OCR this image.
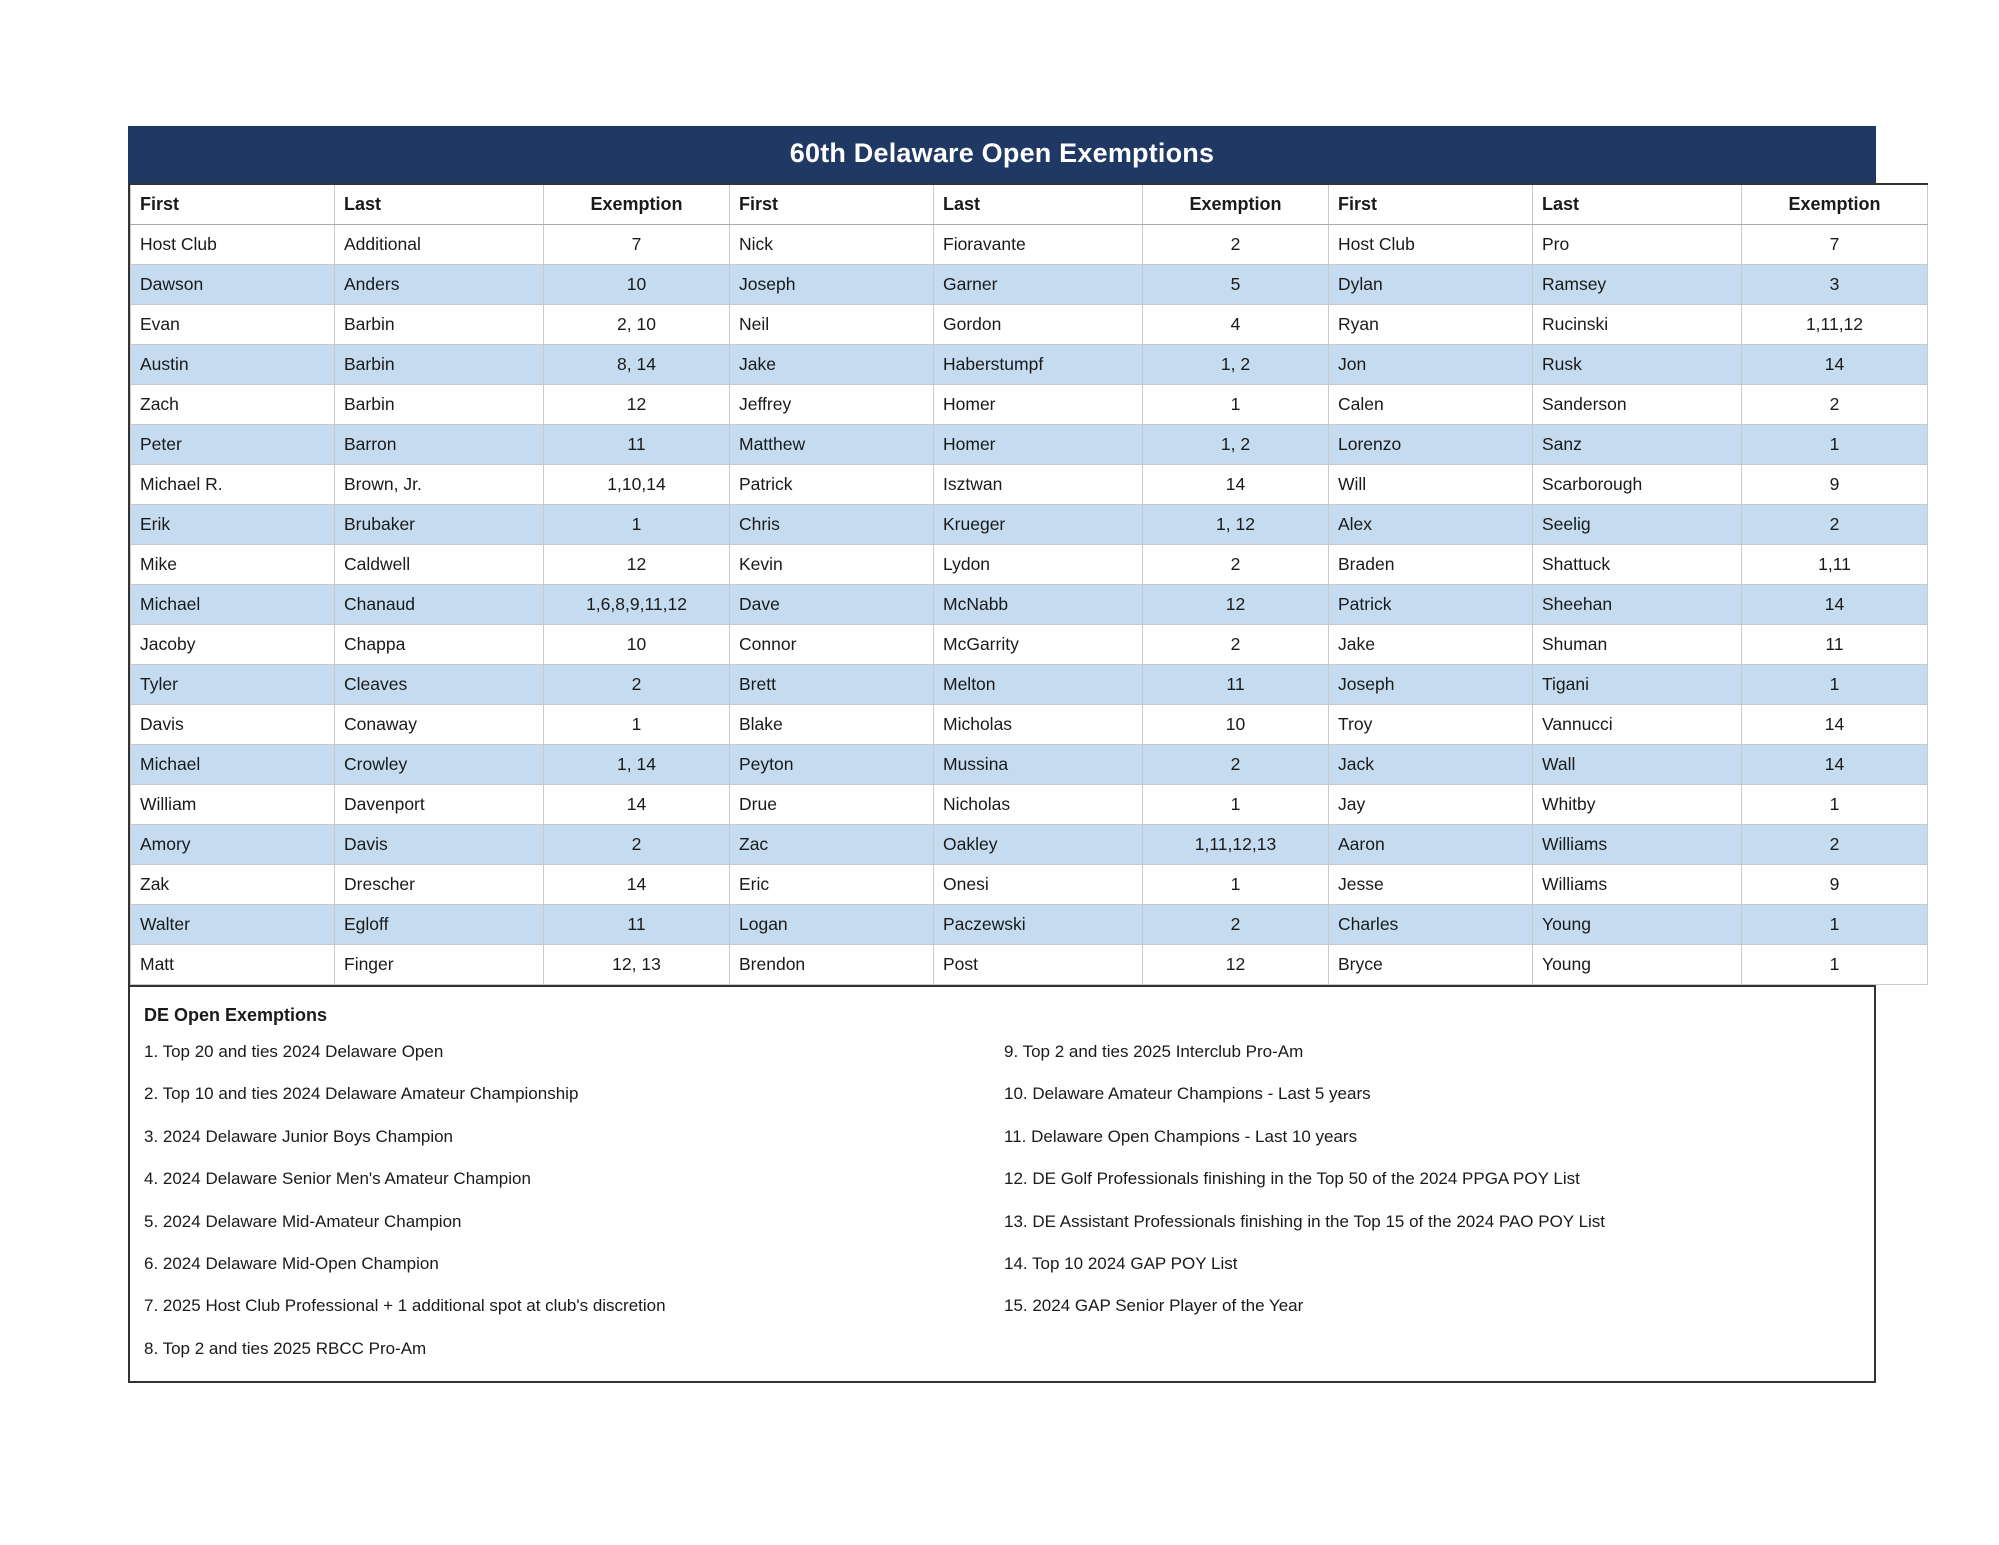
60th Delaware Open Exemptions
First	Last	Exemption	First	Last	Exemption	First	Last	Exemption
Host Club	Additional	7	Nick	Fioravante	2	Host Club	Pro	7
Dawson	Anders	10	Joseph	Garner	5	Dylan	Ramsey	3
Evan	Barbin	2, 10	Neil	Gordon	4	Ryan	Rucinski	1,11,12
Austin	Barbin	8, 14	Jake	Haberstumpf	1, 2	Jon	Rusk	14
Zach	Barbin	12	Jeffrey	Homer	1	Calen	Sanderson	2
Peter	Barron	11	Matthew	Homer	1, 2	Lorenzo	Sanz	1
Michael R.	Brown, Jr.	1,10,14	Patrick	Isztwan	14	Will	Scarborough	9
Erik	Brubaker	1	Chris	Krueger	1, 12	Alex	Seelig	2
Mike	Caldwell	12	Kevin	Lydon	2	Braden	Shattuck	1,11
Michael	Chanaud	1,6,8,9,11,12	Dave	McNabb	12	Patrick	Sheehan	14
Jacoby	Chappa	10	Connor	McGarrity	2	Jake	Shuman	11
Tyler	Cleaves	2	Brett	Melton	11	Joseph	Tigani	1
Davis	Conaway	1	Blake	Micholas	10	Troy	Vannucci	14
Michael	Crowley	1, 14	Peyton	Mussina	2	Jack	Wall	14
William	Davenport	14	Drue	Nicholas	1	Jay	Whitby	1
Amory	Davis	2	Zac	Oakley	1,11,12,13	Aaron	Williams	2
Zak	Drescher	14	Eric	Onesi	1	Jesse	Williams	9
Walter	Egloff	11	Logan	Paczewski	2	Charles	Young	1
Matt	Finger	12, 13	Brendon	Post	12	Bryce	Young	1
DE Open Exemptions
1. Top 20 and ties 2024 Delaware Open
2. Top 10 and ties 2024 Delaware Amateur Championship
3. 2024 Delaware Junior Boys Champion
4. 2024 Delaware Senior Men's Amateur Champion
5. 2024 Delaware Mid-Amateur Champion
6. 2024 Delaware Mid-Open Champion
7. 2025 Host Club Professional + 1 additional spot at club's discretion
8. Top 2 and ties 2025 RBCC Pro-Am
9. Top 2 and ties 2025 Interclub Pro-Am
10. Delaware Amateur Champions - Last 5 years
11. Delaware Open Champions - Last 10 years
12. DE Golf Professionals finishing in the Top 50 of the 2024 PPGA POY List
13. DE Assistant Professionals finishing in the Top 15 of the 2024 PAO POY List
14. Top 10 2024 GAP POY List
15. 2024 GAP Senior Player of the Year
